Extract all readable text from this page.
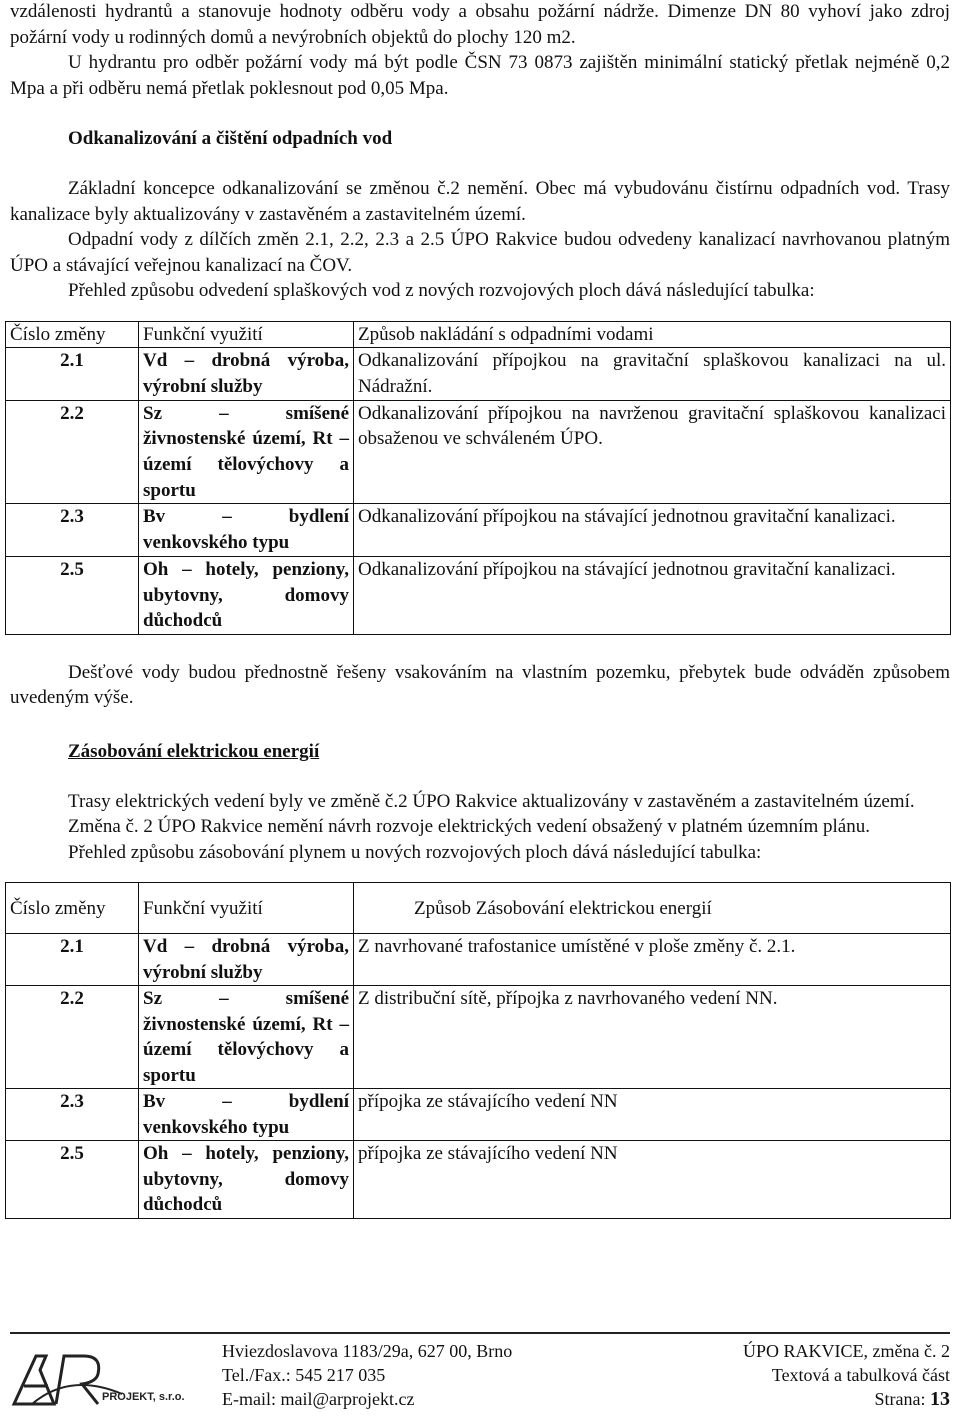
vzdálenosti hydrantů a stanovuje hodnoty odběru vody a obsahu požární nádrže. Dimenze DN 80 vyhoví jako zdroj požární vody u rodinných domů a nevýrobních objektů do plochy 120 m2.

U hydrantu pro odběr požární vody má být podle ČSN 73 0873 zajištěn minimální statický přetlak nejméně 0,2 Mpa a při odběru nemá přetlak poklesnout pod 0,05 Mpa.

Odkanalizování a čištění odpadních vod

Základní koncepce odkanalizování se změnou č.2 nemění. Obec má vybudovánu čistírnu odpadních vod. Trasy kanalizace byly aktualizovány v zastavěném a zastavitelném území.

Odpadní vody z dílčích změn 2.1, 2.2, 2.3 a 2.5 ÚPO Rakvice budou odvedeny kanalizací navrhovanou platným ÚPO a stávající veřejnou kanalizací na ČOV.

Přehled způsobu odvedení splaškových vod z nových rozvojových ploch dává následující tabulka:

Číslo změny	Funkční využití	Způsob nakládání s odpadními vodami
2.1	Vd – drobná výroba, výrobní služby	Odkanalizování přípojkou na gravitační splaškovou kanalizaci na ul. Nádražní.
2.2	Sz – smíšené živnostenské území, Rt – území tělovýchovy a sportu	Odkanalizování přípojkou na navrženou gravitační splaškovou kanalizaci obsaženou ve schváleném ÚPO.
2.3	Bv – bydlení venkovského typu	Odkanalizování přípojkou na stávající jednotnou gravitační kanalizaci.
2.5	Oh – hotely, penziony, ubytovny, domovy důchodců	Odkanalizování přípojkou na stávající jednotnou gravitační kanalizaci.

Dešťové vody budou přednostně řešeny vsakováním na vlastním pozemku, přebytek bude odváděn způsobem uvedeným výše.

Zásobování elektrickou energií

Trasy elektrických vedení byly ve změně č.2 ÚPO Rakvice aktualizovány v zastavěném a zastavitelném území.

Změna č. 2 ÚPO Rakvice nemění návrh rozvoje elektrických vedení obsažený v platném územním plánu.

Přehled způsobu zásobování plynem u nových rozvojových ploch dává následující tabulka:

Číslo změny	Funkční využití	Způsob Zásobování elektrickou energií
2.1	Vd – drobná výroba, výrobní služby	Z navrhované trafostanice umístěné v ploše změny č. 2.1.
2.2	Sz – smíšené živnostenské území, Rt – území tělovýchovy a sportu	Z distribuční sítě, přípojka z navrhovaného vedení NN.
2.3	Bv – bydlení venkovského typu	přípojka ze stávajícího vedení NN
2.5	Oh – hotely, penziony, ubytovny, domovy důchodců	přípojka ze stávajícího vedení NN
PROJEKT, s.r.o.
Hviezdoslavova 1183/29a, 627 00, Brno
Tel./Fax.: 545 217 035
E-mail: mail@arprojekt.cz
ÚPO RAKVICE, změna č. 2
Textová a tabulková část
Strana: 13
